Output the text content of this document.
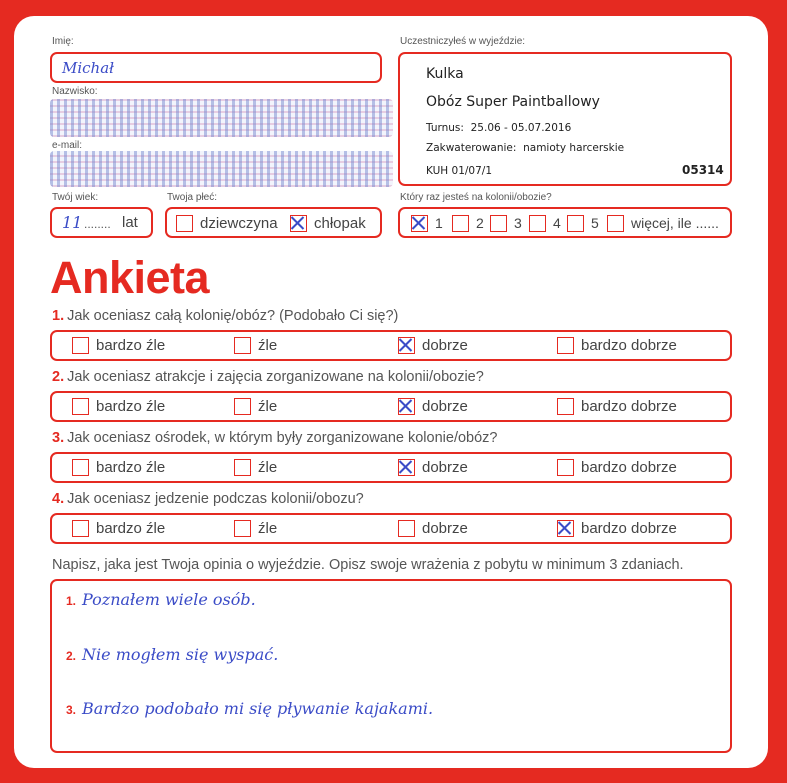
Imię:
Michał
Nazwisko:
e-mail:
Twój wiek:
11 ........ lat
Twoja płeć:
dziewczyna	chłopak
Uczestniczyłeś w wyjeździe:
Kulka
Obóz Super Paintballowy
Turnus: 25.06 - 05.07.2016
Zakwaterowanie: namioty harcerskie
KUH 01/07/1	05314
Który raz jesteś na kolonii/obozie?
1	2	3	4	5	więcej, ile ......
Ankieta
1. Jak oceniasz całą kolonię/obóz? (Podobało Ci się?)
bardzo źle	źle	dobrze	bardzo dobrze
2. Jak oceniasz atrakcje i zajęcia zorganizowane na kolonii/obozie?
bardzo źle	źle	dobrze	bardzo dobrze
3. Jak oceniasz ośrodek, w którym były zorganizowane kolonie/obóz?
bardzo źle	źle	dobrze	bardzo dobrze
4. Jak oceniasz jedzenie podczas kolonii/obozu?
bardzo źle	źle	dobrze	bardzo dobrze
Napisz, jaka jest Twoja opinia o wyjeździe. Opisz swoje wrażenia z pobytu w minimum 3 zdaniach.
1. Poznałem wiele osób.
2. Nie mogłem się wyspać.
3. Bardzo podobało mi się pływanie kajakami.
